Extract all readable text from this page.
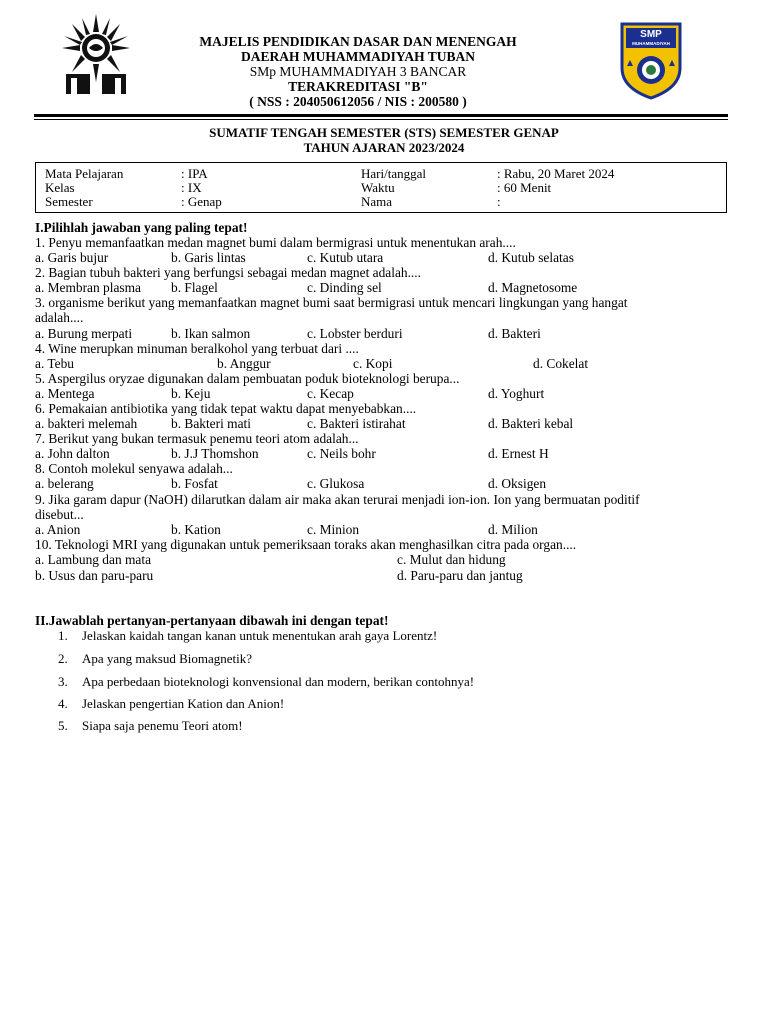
MAJELIS PENDIDIKAN DASAR DAN MENENGAH
DAERAH MUHAMMADIYAH TUBAN
SMp MUHAMMADIYAH 3 BANCAR
TERAKREDITASI "B"
( NSS : 204050612056 / NIS : 200580 )
SMP
MUHAMMADIYAH
SUMATIF TENGAH SEMESTER (STS) SEMESTER GENAP
TAHUN AJARAN 2023/2024
Mata Pelajaran	: IPA
Kelas	: IX
Semester	: Genap
Hari/tanggal	: Rabu, 20 Maret 2024
Waktu	: 60 Menit
Nama	:
I.Pilihlah jawaban yang paling tepat!
1. Penyu memanfaatkan medan magnet bumi dalam bermigrasi untuk menentukan arah....
a. Garis bujur	b. Garis lintas	c. Kutub utara	d. Kutub selatas
2. Bagian tubuh bakteri yang berfungsi sebagai medan magnet adalah....
a. Membran plasma b. Flagel	c. Dinding sel	d. Magnetosome
3. organisme berikut yang memanfaatkan magnet bumi saat bermigrasi untuk mencari lingkungan yang hangat
adalah....
a. Burung merpati	b. Ikan salmon	c. Lobster berduri	d. Bakteri
4. Wine merupkan minuman beralkohol yang terbuat dari ....
a. Tebu	b. Anggur	c. Kopi	d. Cokelat
5. Aspergilus oryzae digunakan dalam pembuatan poduk bioteknologi berupa...
a. Mentega	b. Keju	c. Kecap	d. Yoghurt
6. Pemakaian antibiotika yang tidak tepat waktu dapat menyebabkan....
a. bakteri melemah	b. Bakteri mati	c. Bakteri istirahat	d. Bakteri kebal
7. Berikut yang bukan termasuk penemu teori atom adalah...
a. John dalton	b. J.J Thomshon	c. Neils bohr	d. Ernest H
8. Contoh molekul senyawa adalah...
a. belerang	b. Fosfat	c. Glukosa	d. Oksigen
9. Jika garam dapur (NaOH) dilarutkan dalam air maka akan terurai menjadi ion-ion. Ion yang bermuatan poditif
disebut...
a. Anion	b. Kation	c. Minion	d. Milion
10. Teknologi MRI yang digunakan untuk pemeriksaan toraks akan menghasilkan citra pada organ....
a. Lambung dan mata	c. Mulut dan hidung
b. Usus dan paru-paru	d. Paru-paru dan jantug
II.Jawablah pertanyan-pertanyaan dibawah ini dengan tepat!
1. Jelaskan kaidah tangan kanan untuk menentukan arah gaya Lorentz!
2. Apa yang maksud Biomagnetik?
3. Apa perbedaan bioteknologi konvensional dan modern, berikan contohnya!
4. Jelaskan pengertian Kation dan Anion!
5. Siapa saja penemu Teori atom!
